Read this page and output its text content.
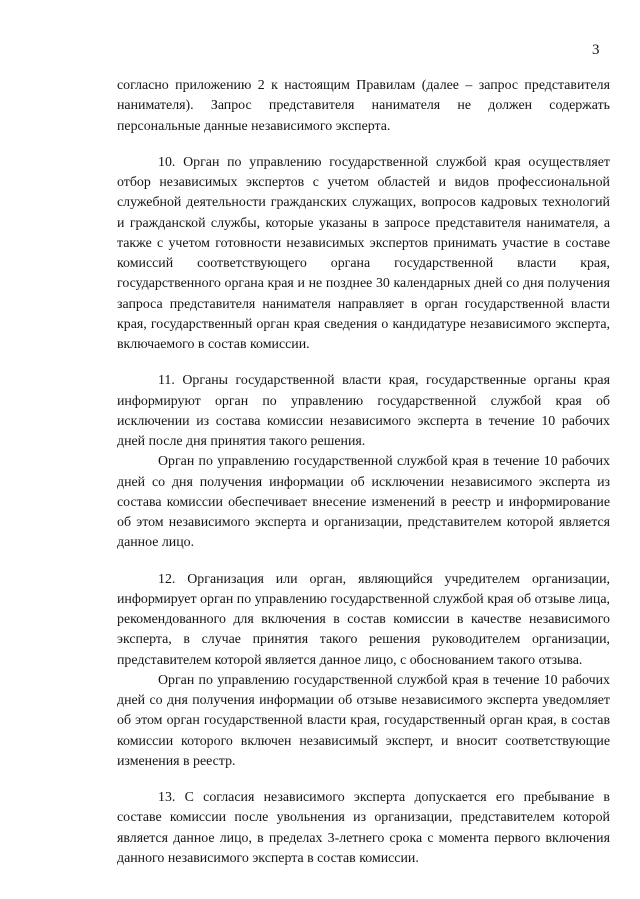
3

согласно приложению 2 к настоящим Правилам (далее – запрос представителя нанимателя). Запрос представителя нанимателя не должен содержать персональные данные независимого эксперта.

10. Орган по управлению государственной службой края осуществляет отбор независимых экспертов с учетом областей и видов профессиональной служебной деятельности гражданских служащих, вопросов кадровых технологий и гражданской службы, которые указаны в запросе представителя нанимателя, а также с учетом готовности независимых экспертов принимать участие в составе комиссий соответствующего органа государственной власти края, государственного органа края и не позднее 30 календарных дней со дня получения запроса представителя нанимателя направляет в орган государственной власти края, государственный орган края сведения о кандидатуре независимого эксперта, включаемого в состав комиссии.

11. Органы государственной власти края, государственные органы края информируют орган по управлению государственной службой края об исключении из состава комиссии независимого эксперта в течение 10 рабочих дней после дня принятия такого решения.

Орган по управлению государственной службой края в течение 10 рабочих дней со дня получения информации об исключении независимого эксперта из состава комиссии обеспечивает внесение изменений в реестр и информирование об этом независимого эксперта и организации, представителем которой является данное лицо.

12. Организация или орган, являющийся учредителем организации, информирует орган по управлению государственной службой края об отзыве лица, рекомендованного для включения в состав комиссии в качестве независимого эксперта, в случае принятия такого решения руководителем организации, представителем которой является данное лицо, с обоснованием такого отзыва.

Орган по управлению государственной службой края в течение 10 рабочих дней со дня получения информации об отзыве независимого эксперта уведомляет об этом орган государственной власти края, государственный орган края, в состав комиссии которого включен независимый эксперт, и вносит соответствующие изменения в реестр.

13. С согласия независимого эксперта допускается его пребывание в составе комиссии после увольнения из организации, представителем которой является данное лицо, в пределах 3-летнего срока с момента первого включения данного независимого эксперта в состав комиссии.
